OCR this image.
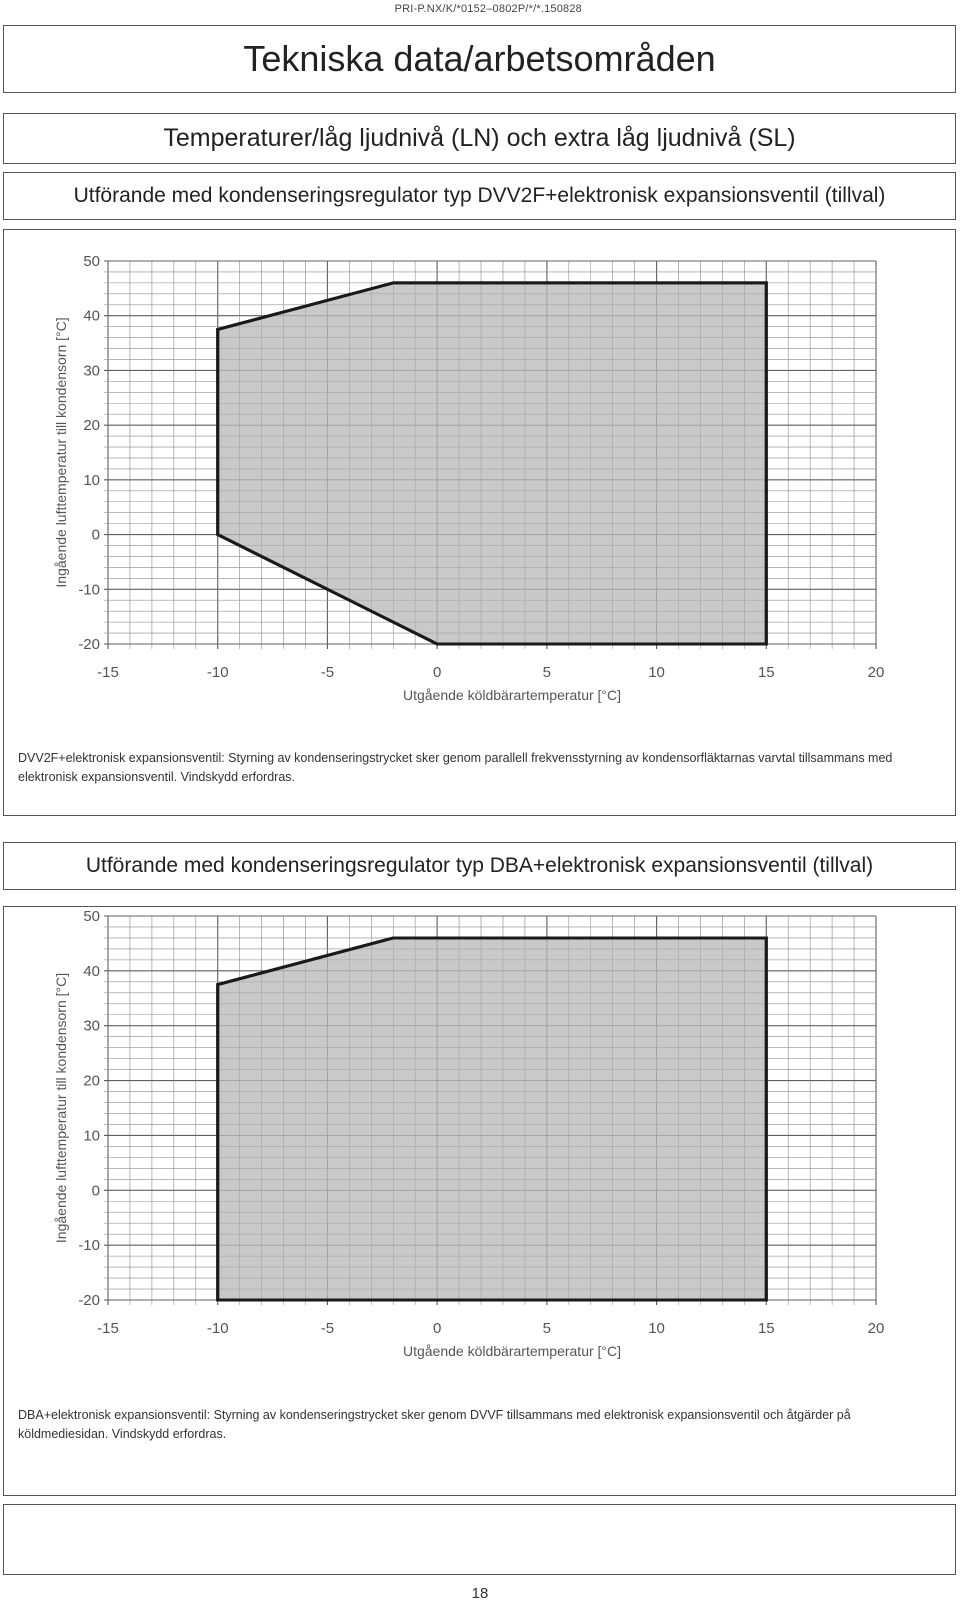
PRI-P.NX/K/*0152–0802P/*/*.150828
Tekniska data/arbetsområden
Temperaturer/låg ljudnivå (LN) och extra låg ljudnivå (SL)
Utförande med kondenseringsregulator typ DVV2F+elektronisk expansionsventil (tillval)
-15	-10	-5	0	5	10	15	20
50
40
30
20
10
0
-10
-20
Utgående köldbärartemperatur [°C]
Ingående lufttemperatur till kondensorn [°C]
DVV2F+elektronisk expansionsventil: Styrning av kondenseringstrycket sker genom parallell frekvensstyrning av kondensorfläktarnas varvtal tillsammans med elektronisk expansionsventil. Vindskydd erfordras.
Utförande med kondenseringsregulator typ DBA+elektronisk expansionsventil (tillval)
-15	-10	-5	0	5	10	15	20
50
40
30
20
10
0
-10
-20
Utgående köldbärartemperatur [°C]
Ingående lufttemperatur till kondensorn [°C]
DBA+elektronisk expansionsventil: Styrning av kondenseringstrycket sker genom DVVF tillsammans med elektronisk expansionsventil och åtgärder på köldmediesidan. Vindskydd erfordras.
18
